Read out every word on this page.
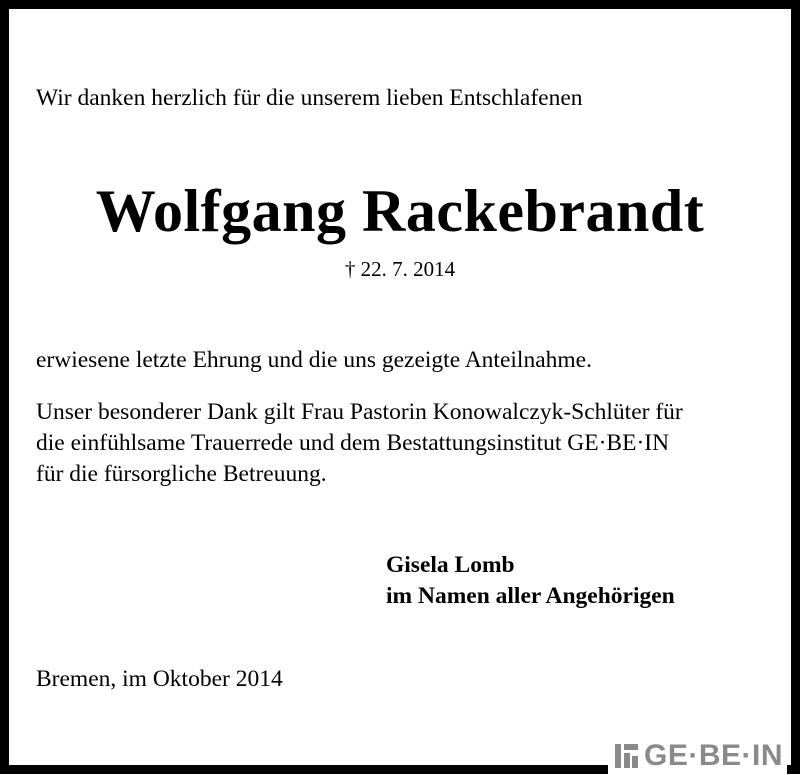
Wir danken herzlich für die unserem lieben Entschlafenen
Wolfgang Rackebrandt
† 22. 7. 2014
erwiesene letzte Ehrung und die uns gezeigte Anteilnahme.
Unser besonderer Dank gilt Frau Pastorin Konowalczyk-Schlüter für
die einfühlsame Trauerrede und dem Bestattungsinstitut GE·BE·IN
für die fürsorgliche Betreuung.
Gisela Lomb
im Namen aller Angehörigen
Bremen, im Oktober 2014
GE·BE·IN
